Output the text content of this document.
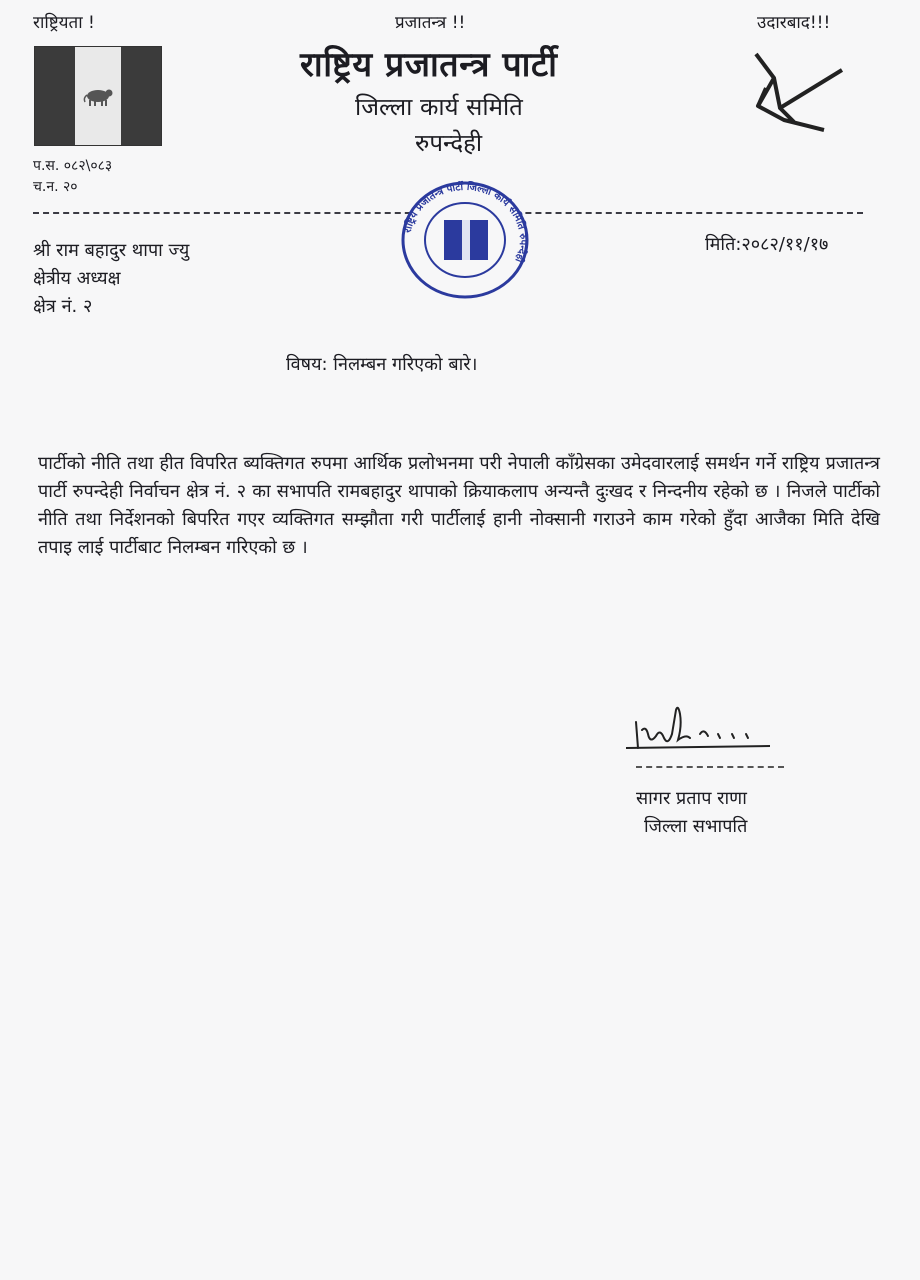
राष्ट्रियता !	प्रजातन्त्र !!	उदारबाद!!!
राष्ट्रिय प्रजातन्त्र पार्टी
जिल्ला कार्य समिति
रुपन्देही
प.स. ०८२\०८३
च.न. २०
राष्ट्रिय प्रजातन्त्र पार्टी जिल्ला कार्य समिति रुपन्देही
श्री राम बहादुर थापा ज्यु
क्षेत्रीय अध्यक्ष
क्षेत्र नं. २
मिति:२०८२/११/१७
विषय: निलम्बन गरिएको बारे।

पार्टीको नीति तथा हीत विपरित ब्यक्तिगत रुपमा आर्थिक प्रलोभनमा परी नेपाली काँग्रेसका उमेदवारलाई समर्थन गर्ने राष्ट्रिय प्रजातन्त्र पार्टी रुपन्देही निर्वाचन क्षेत्र नं. २ का सभापति रामबहादुर थापाको क्रियाकलाप अन्यन्तै दुःखद र निन्दनीय रहेको छ । निजले पार्टीको नीति तथा निर्देशनको बिपरित गएर व्यक्तिगत सम्झौता गरी पार्टीलाई हानी नोक्सानी गराउने काम गरेको हुँदा आजैका मिति देखि तपाइ लाई पार्टीबाट निलम्बन गरिएको छ ।

सागर प्रताप राणा
जिल्ला सभापति
